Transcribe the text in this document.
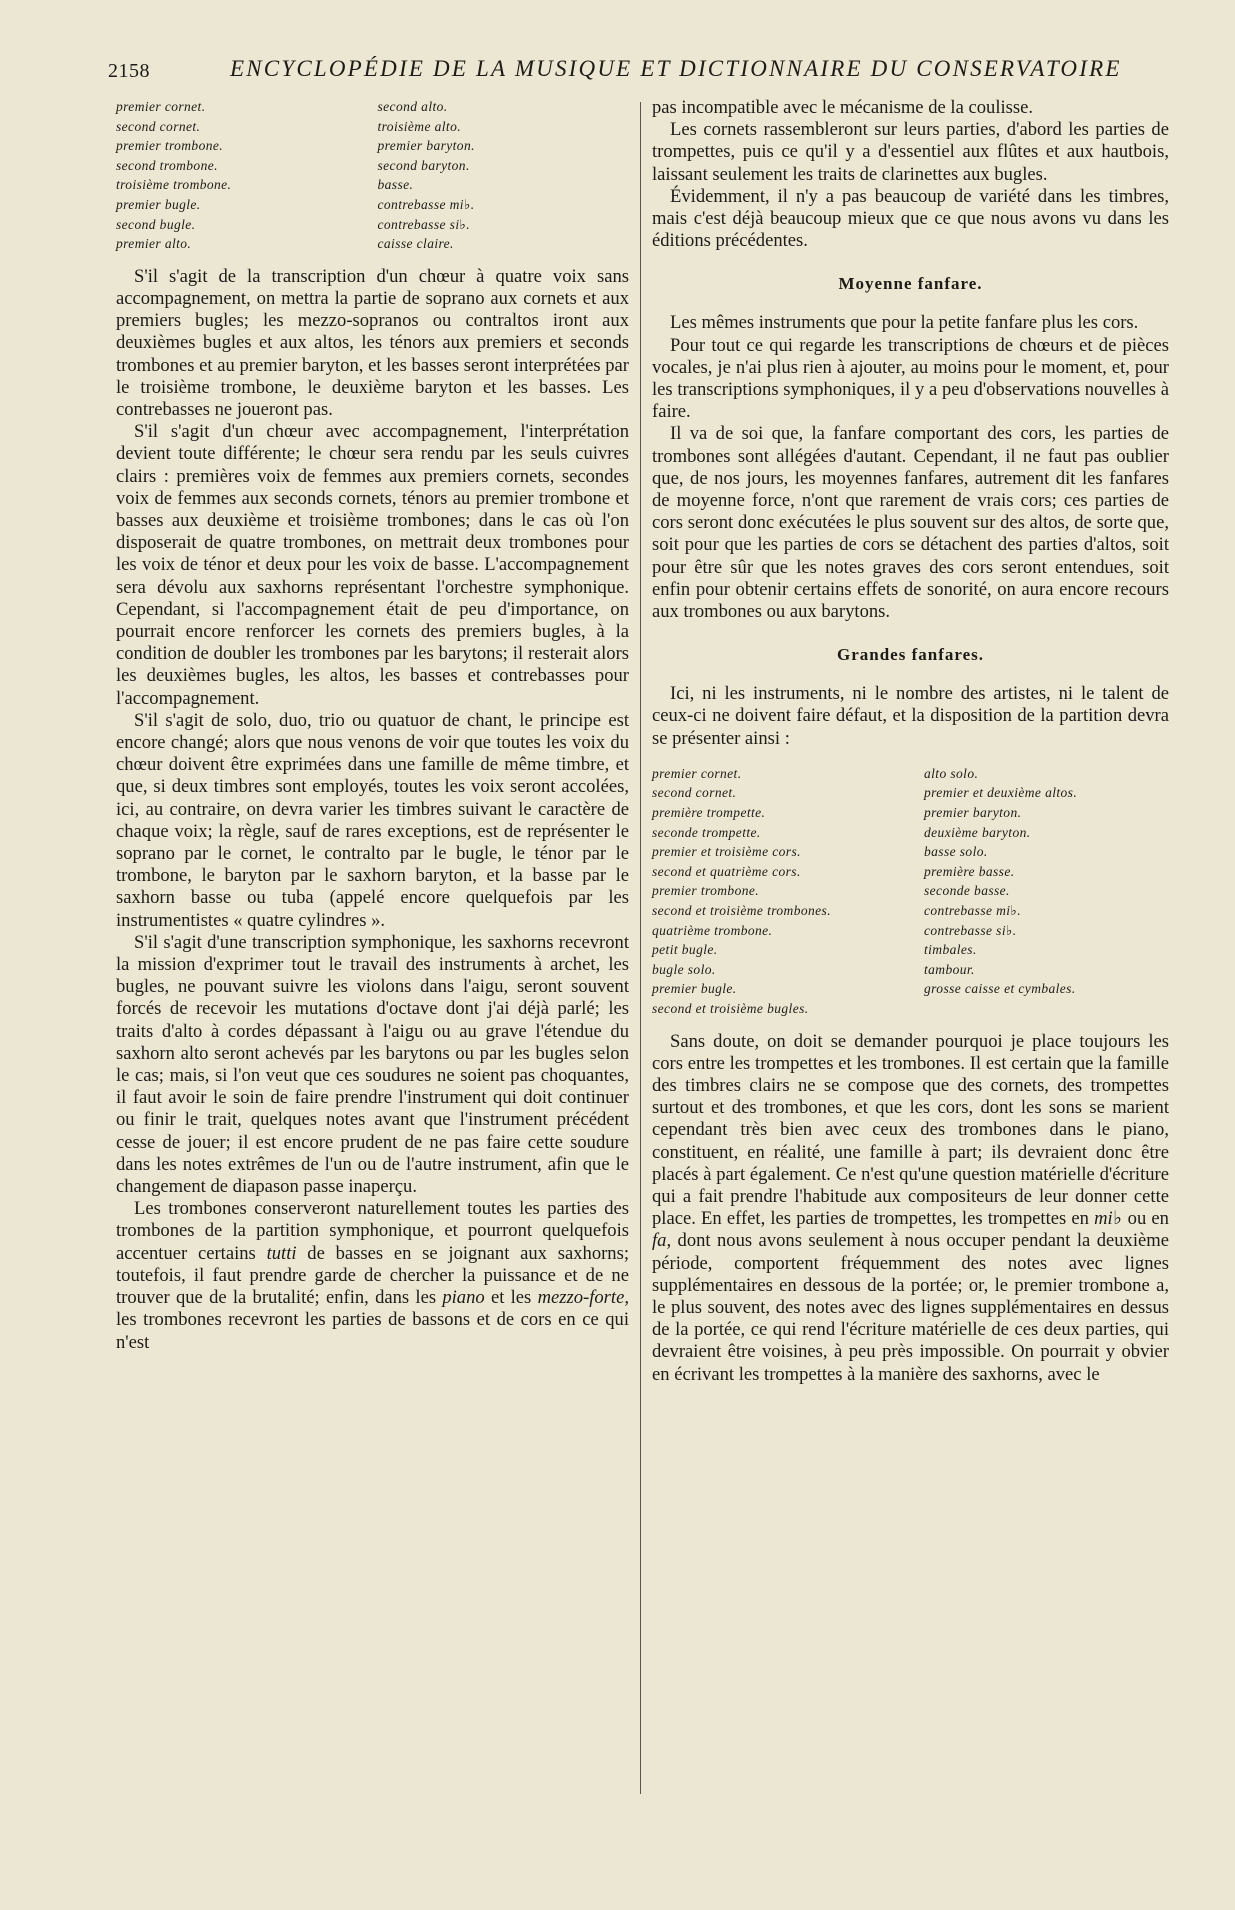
2158	ENCYCLOPÉDIE DE LA MUSIQUE ET DICTIONNAIRE DU CONSERVATOIRE
premier cornet.
second cornet.
premier trombone.
second trombone.
troisième trombone.
premier bugle.
second bugle.
premier alto.
second alto.
troisième alto.
premier baryton.
second baryton.
basse.
contrebasse mi♭.
contrebasse si♭.
caisse claire.

S'il s'agit de la transcription d'un chœur à quatre voix sans accompagnement, on mettra la partie de soprano aux cornets et aux premiers bugles; les mezzo-sopranos ou contraltos iront aux deuxièmes bugles et aux altos, les ténors aux premiers et seconds trombones et au premier baryton, et les basses seront interprétées par le troisième trombone, le deuxième baryton et les basses. Les contrebasses ne joueront pas.

S'il s'agit d'un chœur avec accompagnement, l'interprétation devient toute différente; le chœur sera rendu par les seuls cuivres clairs : premières voix de femmes aux premiers cornets, secondes voix de femmes aux seconds cornets, ténors au premier trombone et basses aux deuxième et troisième trombones; dans le cas où l'on disposerait de quatre trombones, on mettrait deux trombones pour les voix de ténor et deux pour les voix de basse. L'accompagnement sera dévolu aux saxhorns représentant l'orchestre symphonique. Cependant, si l'accompagnement était de peu d'importance, on pourrait encore renforcer les cornets des premiers bugles, à la condition de doubler les trombones par les barytons; il resterait alors les deuxièmes bugles, les altos, les basses et contrebasses pour l'accompagnement.

S'il s'agit de solo, duo, trio ou quatuor de chant, le principe est encore changé; alors que nous venons de voir que toutes les voix du chœur doivent être exprimées dans une famille de même timbre, et que, si deux timbres sont employés, toutes les voix seront accolées, ici, au contraire, on devra varier les timbres suivant le caractère de chaque voix; la règle, sauf de rares exceptions, est de représenter le soprano par le cornet, le contralto par le bugle, le ténor par le trombone, le baryton par le saxhorn baryton, et la basse par le saxhorn basse ou tuba (appelé encore quelquefois par les instrumentistes « quatre cylindres ».

S'il s'agit d'une transcription symphonique, les saxhorns recevront la mission d'exprimer tout le travail des instruments à archet, les bugles, ne pouvant suivre les violons dans l'aigu, seront souvent forcés de recevoir les mutations d'octave dont j'ai déjà parlé; les traits d'alto à cordes dépassant à l'aigu ou au grave l'étendue du saxhorn alto seront achevés par les barytons ou par les bugles selon le cas; mais, si l'on veut que ces soudures ne soient pas choquantes, il faut avoir le soin de faire prendre l'instrument qui doit continuer ou finir le trait, quelques notes avant que l'instrument précédent cesse de jouer; il est encore prudent de ne pas faire cette soudure dans les notes extrêmes de l'un ou de l'autre instrument, afin que le changement de diapason passe inaperçu.

Les trombones conserveront naturellement toutes les parties des trombones de la partition symphonique, et pourront quelquefois accentuer certains tutti de basses en se joignant aux saxhorns; toutefois, il faut prendre garde de chercher la puissance et de ne trouver que de la brutalité; enfin, dans les piano et les mezzo-forte, les trombones recevront les parties de bassons et de cors en ce qui n'est

pas incompatible avec le mécanisme de la coulisse.

Les cornets rassembleront sur leurs parties, d'abord les parties de trompettes, puis ce qu'il y a d'essentiel aux flûtes et aux hautbois, laissant seulement les traits de clarinettes aux bugles.

Évidemment, il n'y a pas beaucoup de variété dans les timbres, mais c'est déjà beaucoup mieux que ce que nous avons vu dans les éditions précédentes.

Moyenne fanfare.

Les mêmes instruments que pour la petite fanfare plus les cors.

Pour tout ce qui regarde les transcriptions de chœurs et de pièces vocales, je n'ai plus rien à ajouter, au moins pour le moment, et, pour les transcriptions symphoniques, il y a peu d'observations nouvelles à faire.

Il va de soi que, la fanfare comportant des cors, les parties de trombones sont allégées d'autant. Cependant, il ne faut pas oublier que, de nos jours, les moyennes fanfares, autrement dit les fanfares de moyenne force, n'ont que rarement de vrais cors; ces parties de cors seront donc exécutées le plus souvent sur des altos, de sorte que, soit pour que les parties de cors se détachent des parties d'altos, soit pour être sûr que les notes graves des cors seront entendues, soit enfin pour obtenir certains effets de sonorité, on aura encore recours aux trombones ou aux barytons.

Grandes fanfares.

Ici, ni les instruments, ni le nombre des artistes, ni le talent de ceux-ci ne doivent faire défaut, et la disposition de la partition devra se présenter ainsi :

premier cornet.
second cornet.
première trompette.
seconde trompette.
premier et troisième cors.
second et quatrième cors.
premier trombone.
second et troisième trombones.
quatrième trombone.
petit bugle.
bugle solo.
premier bugle.
second et troisième bugles.
alto solo.
premier et deuxième altos.
premier baryton.
deuxième baryton.
basse solo.
première basse.
seconde basse.
contrebasse mi♭.
contrebasse si♭.
timbales.
tambour.
grosse caisse et cymbales.

Sans doute, on doit se demander pourquoi je place toujours les cors entre les trompettes et les trombones. Il est certain que la famille des timbres clairs ne se compose que des cornets, des trompettes surtout et des trombones, et que les cors, dont les sons se marient cependant très bien avec ceux des trombones dans le piano, constituent, en réalité, une famille à part; ils devraient donc être placés à part également. Ce n'est qu'une question matérielle d'écriture qui a fait prendre l'habitude aux compositeurs de leur donner cette place. En effet, les parties de trompettes, les trompettes en mi♭ ou en fa, dont nous avons seulement à nous occuper pendant la deuxième période, comportent fréquemment des notes avec lignes supplémentaires en dessous de la portée; or, le premier trombone a, le plus souvent, des notes avec des lignes supplémentaires en dessus de la portée, ce qui rend l'écriture matérielle de ces deux parties, qui devraient être voisines, à peu près impossible. On pourrait y obvier en écrivant les trompettes à la manière des saxhorns, avec le
